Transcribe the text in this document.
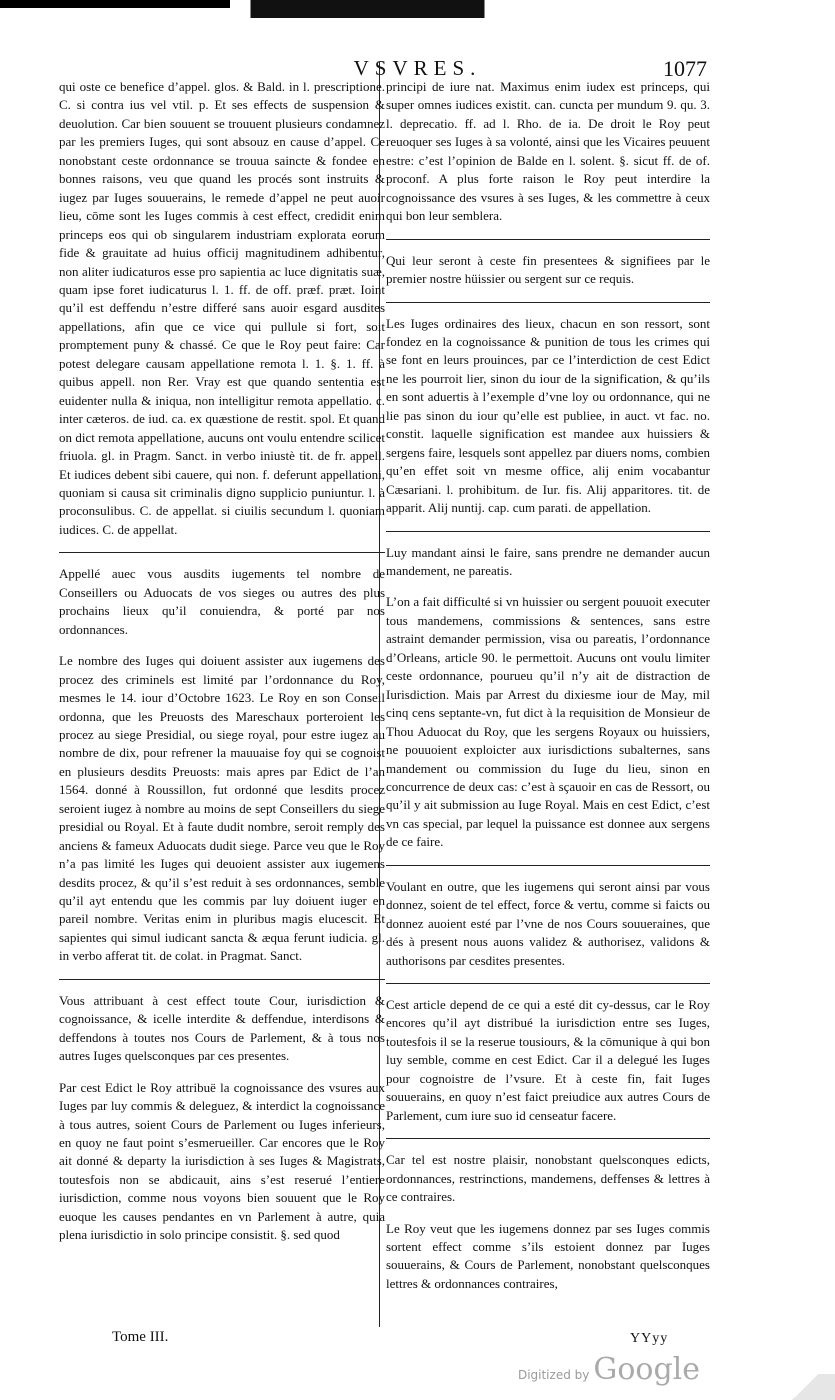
VSVRES.	1077

qui oste ce benefice d’appel. glos. & Bald. in l. prescriptione. C. si contra ius vel vtil. p. Et ses effects de suspension & deuolution. Car bien souuent se trouuent plusieurs condamnez par les premiers Iuges, qui sont absouz en cause d’appel. Ce nonobstant ceste ordonnance se trouua saincte & fondee en bonnes raisons, veu que quand les procés sont instruits & iugez par Iuges souuerains, le remede d’appel ne peut auoir lieu, cōme sont les Iuges commis à cest effect, credidit enim princeps eos qui ob singularem industriam explorata eorum fide & grauitate ad huius officij magnitudinem adhibentur, non aliter iudicaturos esse pro sapientia ac luce dignitatis suæ, quam ipse foret iudicaturus l. 1. ff. de off. præf. præt. Ioint qu’il est deffendu n’estre differé sans auoir esgard ausdites appellations, afin que ce vice qui pullule si fort, soit promptement puny & chassé. Ce que le Roy peut faire: Car potest delegare causam appellatione remota l. 1. §. 1. ff. à quibus appell. non Rer. Vray est que quando sententia est euidenter nulla & iniqua, non intelligitur remota appellatio. c. inter cæteros. de iud. ca. ex quæstione de restit. spol. Et quand on dict remota appellatione, aucuns ont voulu entendre scilicet friuola. gl. in Pragm. Sanct. in verbo iniustè tit. de fr. appell. Et iudices debent sibi cauere, qui non. f. deferunt appellationi, quoniam si causa sit criminalis digno supplicio puniuntur. l. à proconsulibus. C. de appellat. si ciuilis secundum l. quoniam iudices. C. de appellat.

Appellé auec vous ausdits iugements tel nombre de Conseillers ou Aduocats de vos sieges ou autres des plus prochains lieux qu’il conuiendra, & porté par nos ordonnances.

Le nombre des Iuges qui doiuent assister aux iugemens des procez des criminels est limité par l’ordonnance du Roy, mesmes le 14. iour d’Octobre 1623. Le Roy en son Conseil ordonna, que les Preuosts des Mareschaux porteroient les procez au siege Presidial, ou siege royal, pour estre iugez au nombre de dix, pour refrener la mauuaise foy qui se cognoist en plusieurs desdits Preuosts: mais apres par Edict de l’an 1564. donné à Roussillon, fut ordonné que lesdits procez seroient iugez à nombre au moins de sept Conseillers du siege presidial ou Royal. Et à faute dudit nombre, seroit remply des anciens & fameux Aduocats dudit siege. Parce veu que le Roy n’a pas limité les Iuges qui deuoient assister aux iugemens desdits procez, & qu’il s’est reduit à ses ordonnances, semble qu’il ayt entendu que les commis par luy doiuent iuger en pareil nombre. Veritas enim in pluribus magis elucescit. Et sapientes qui simul iudicant sancta & æqua ferunt iudicia. gl. in verbo afferat tit. de colat. in Pragmat. Sanct.

Vous attribuant à cest effect toute Cour, iurisdiction & cognoissance, & icelle interdite & deffendue, interdisons & deffendons à toutes nos Cours de Parlement, & à tous nos autres Iuges quelsconques par ces presentes.

Par cest Edict le Roy attribuë la cognoissance des vsures aux Iuges par luy commis & deleguez, & interdict la cognoissance à tous autres, soient Cours de Parlement ou Iuges inferieurs, en quoy ne faut point s’esmerueiller. Car encores que le Roy ait donné & departy la iurisdiction à ses Iuges & Magistrats, toutesfois non se abdicauit, ains s’est reserué l’entiere iurisdiction, comme nous voyons bien souuent que le Roy euoque les causes pendantes en vn Parlement à autre, quia plena iurisdictio in solo principe consistit. §. sed quod

principi de iure nat. Maximus enim iudex est princeps, qui super omnes iudices existit. can. cuncta per mundum 9. qu. 3. l. deprecatio. ff. ad l. Rho. de ia. De droit le Roy peut reuoquer ses Iuges à sa volonté, ainsi que les Vicaires peuuent estre: c’est l’opinion de Balde en l. solent. §. sicut ff. de of. proconf. A plus forte raison le Roy peut interdire la cognoissance des vsures à ses Iuges, & les commettre à ceux qui bon leur semblera.

Qui leur seront à ceste fin presentees & signifiees par le premier nostre hüissier ou sergent sur ce requis.

Les Iuges ordinaires des lieux, chacun en son ressort, sont fondez en la cognoissance & punition de tous les crimes qui se font en leurs prouinces, par ce l’interdiction de cest Edict ne les pourroit lier, sinon du iour de la signification, & qu’ils en sont aduertis à l’exemple d’vne loy ou ordonnance, qui ne lie pas sinon du iour qu’elle est publiee, in auct. vt fac. no. constit. laquelle signification est mandee aux huissiers & sergens faire, lesquels sont appellez par diuers noms, combien qu’en effet soit vn mesme office, alij enim vocabantur Cæsariani. l. prohibitum. de Iur. fis. Alij apparitores. tit. de apparit. Alij nuntij. cap. cum parati. de appellation.

Luy mandant ainsi le faire, sans prendre ne demander aucun mandement, ne pareatis.

L’on a fait difficulté si vn huissier ou sergent pouuoit executer tous mandemens, commissions & sentences, sans estre astraint demander permission, visa ou pareatis, l’ordonnance d’Orleans, article 90. le permettoit. Aucuns ont voulu limiter ceste ordonnance, pourueu qu’il n’y ait de distraction de Iurisdiction. Mais par Arrest du dixiesme iour de May, mil cinq cens septante-vn, fut dict à la requisition de Monsieur de Thou Aduocat du Roy, que les sergens Royaux ou huissiers, ne pouuoient exploicter aux iurisdictions subalternes, sans mandement ou commission du Iuge du lieu, sinon en concurrence de deux cas: c’est à sçauoir en cas de Ressort, ou qu’il y ait submission au Iuge Royal. Mais en cest Edict, c’est vn cas special, par lequel la puissance est donnee aux sergens de ce faire.

Voulant en outre, que les iugemens qui seront ainsi par vous donnez, soient de tel effect, force & vertu, comme si faicts ou donnez auoient esté par l’vne de nos Cours souueraines, que dés à present nous auons validez & authorisez, validons & authorisons par cesdites presentes.

Cest article depend de ce qui a esté dit cy-dessus, car le Roy encores qu’il ayt distribué la iurisdiction entre ses Iuges, toutesfois il se la reserue tousiours, & la cōmunique à qui bon luy semble, comme en cest Edict. Car il a delegué les Iuges pour cognoistre de l’vsure. Et à ceste fin, fait Iuges souuerains, en quoy n’est faict preiudice aux autres Cours de Parlement, cum iure suo id censeatur facere.

Car tel est nostre plaisir, nonobstant quelsconques edicts, ordonnances, restrinctions, mandemens, deffenses & lettres à ce contraires.

Le Roy veut que les iugemens donnez par ses Iuges commis sortent effect comme s’ils estoient donnez par Iuges souuerains, & Cours de Parlement, nonobstant quelsconques lettres & ordonnances contraires,

Tome III.	YYyy
Digitized by Google
